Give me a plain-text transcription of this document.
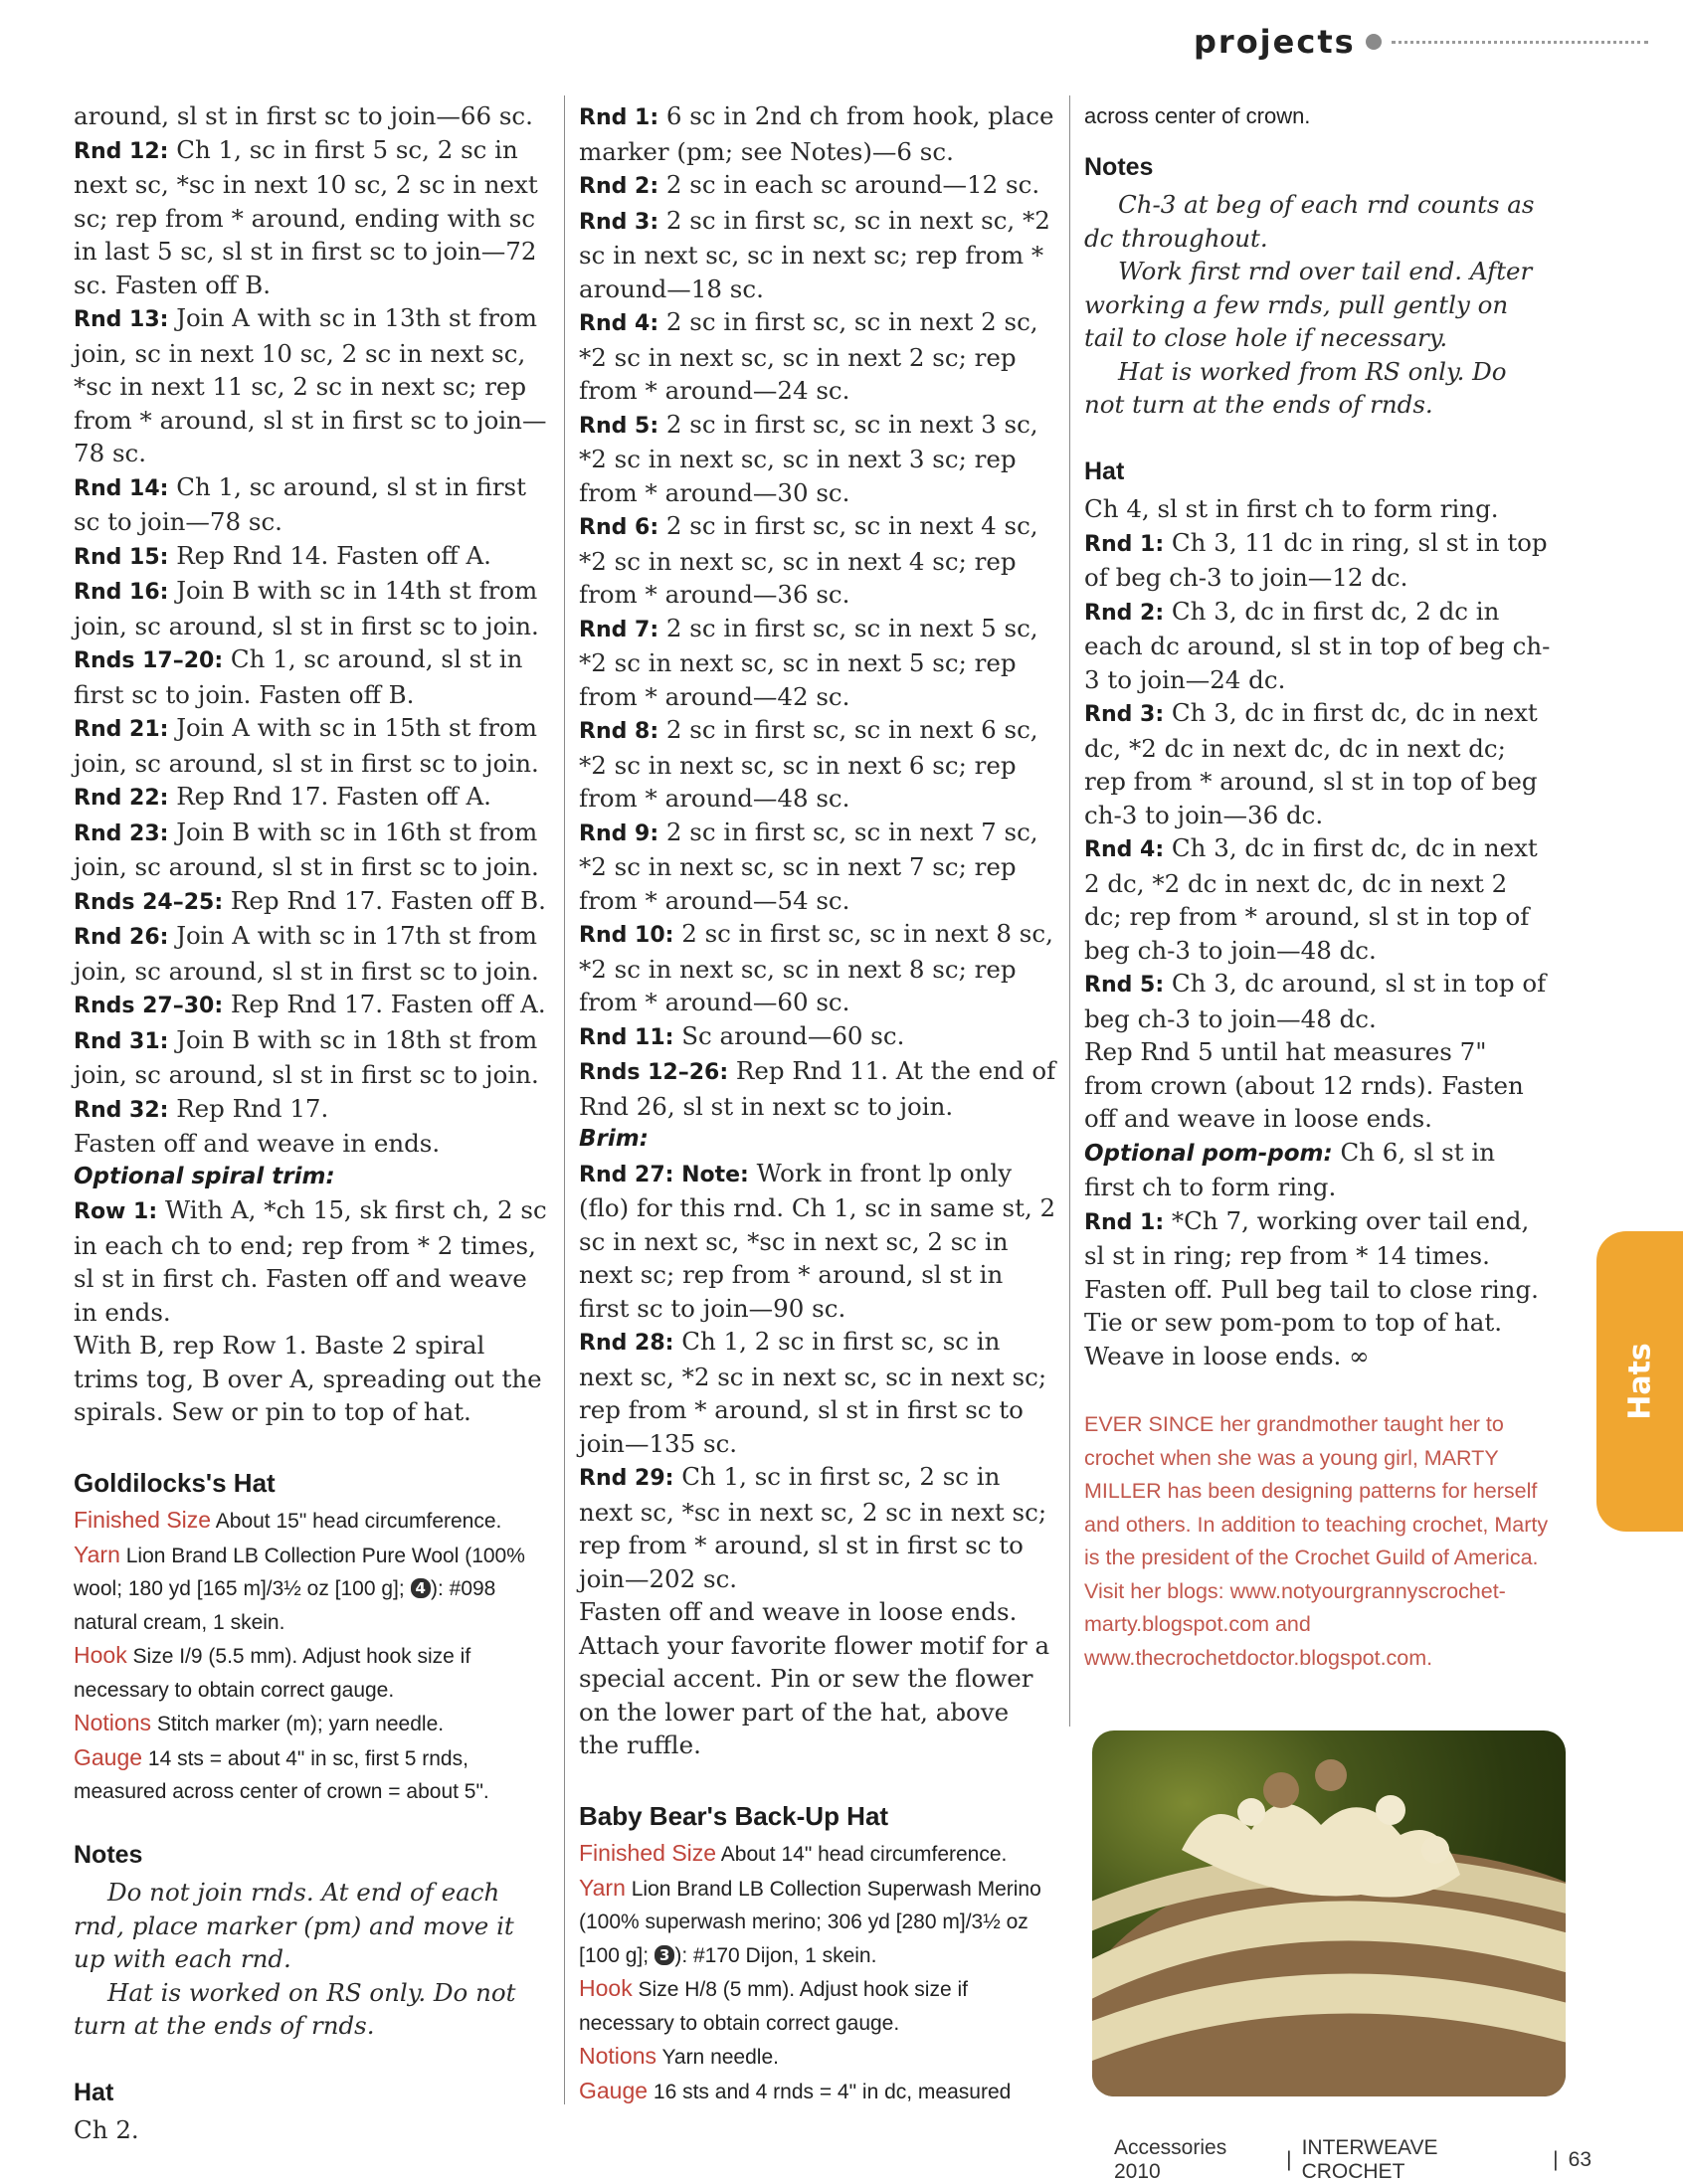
projects

around, sl st in first sc to join—66 sc.

Rnd 12: Ch 1, sc in first 5 sc, 2 sc in next sc, *sc in next 10 sc, 2 sc in next sc; rep from * around, ending with sc in last 5 sc, sl st in first sc to join—72 sc. Fasten off B.

Rnd 13: Join A with sc in 13th st from join, sc in next 10 sc, 2 sc in next sc, *sc in next 11 sc, 2 sc in next sc; rep from * around, sl st in first sc to join—78 sc.

Rnd 14: Ch 1, sc around, sl st in first sc to join—78 sc.

Rnd 15: Rep Rnd 14. Fasten off A.

Rnd 16: Join B with sc in 14th st from join, sc around, sl st in first sc to join.

Rnds 17–20: Ch 1, sc around, sl st in first sc to join. Fasten off B.

Rnd 21: Join A with sc in 15th st from join, sc around, sl st in first sc to join.

Rnd 22: Rep Rnd 17. Fasten off A.

Rnd 23: Join B with sc in 16th st from join, sc around, sl st in first sc to join.

Rnds 24–25: Rep Rnd 17. Fasten off B.

Rnd 26: Join A with sc in 17th st from join, sc around, sl st in first sc to join.

Rnds 27–30: Rep Rnd 17. Fasten off A.

Rnd 31: Join B with sc in 18th st from join, sc around, sl st in first sc to join.

Rnd 32: Rep Rnd 17.

Fasten off and weave in ends.

Optional spiral trim:

Row 1: With A, *ch 15, sk first ch, 2 sc in each ch to end; rep from * 2 times, sl st in first ch. Fasten off and weave in ends.

With B, rep Row 1. Baste 2 spiral trims tog, B over A, spreading out the spirals. Sew or pin to top of hat.

Goldilocks's Hat

Finished Size About 15" head circumference.
Yarn Lion Brand LB Collection Pure Wool (100% wool; 180 yd [165 m]/3½ oz [100 g]; 4 ): #098 natural cream, 1 skein.
Hook Size I/9 (5.5 mm). Adjust hook size if necessary to obtain correct gauge.
Notions Stitch marker (m); yarn needle.
Gauge 14 sts = about 4" in sc, first 5 rnds, measured across center of crown = about 5".

Notes

Do not join rnds. At end of each rnd, place marker (pm) and move it up with each rnd.

Hat is worked on RS only. Do not turn at the ends of rnds.

Hat

Ch 2.

Rnd 1: 6 sc in 2nd ch from hook, place marker (pm; see Notes)—6 sc.

Rnd 2: 2 sc in each sc around—12 sc.

Rnd 3: 2 sc in first sc, sc in next sc, *2 sc in next sc, sc in next sc; rep from * around—18 sc.

Rnd 4: 2 sc in first sc, sc in next 2 sc, *2 sc in next sc, sc in next 2 sc; rep from * around—24 sc.

Rnd 5: 2 sc in first sc, sc in next 3 sc, *2 sc in next sc, sc in next 3 sc; rep from * around—30 sc.

Rnd 6: 2 sc in first sc, sc in next 4 sc, *2 sc in next sc, sc in next 4 sc; rep from * around—36 sc.

Rnd 7: 2 sc in first sc, sc in next 5 sc, *2 sc in next sc, sc in next 5 sc; rep from * around—42 sc.

Rnd 8: 2 sc in first sc, sc in next 6 sc, *2 sc in next sc, sc in next 6 sc; rep from * around—48 sc.

Rnd 9: 2 sc in first sc, sc in next 7 sc, *2 sc in next sc, sc in next 7 sc; rep from * around—54 sc.

Rnd 10: 2 sc in first sc, sc in next 8 sc, *2 sc in next sc, sc in next 8 sc; rep from * around—60 sc.

Rnd 11: Sc around—60 sc.

Rnds 12–26: Rep Rnd 11. At the end of Rnd 26, sl st in next sc to join.

Brim:

Rnd 27: Note: Work in front lp only (flo) for this rnd. Ch 1, sc in same st, 2 sc in next sc, *sc in next sc, 2 sc in next sc; rep from * around, sl st in first sc to join—90 sc.

Rnd 28: Ch 1, 2 sc in first sc, sc in next sc, *2 sc in next sc, sc in next sc; rep from * around, sl st in first sc to join—135 sc.

Rnd 29: Ch 1, sc in first sc, 2 sc in next sc, *sc in next sc, 2 sc in next sc; rep from * around, sl st in first sc to join—202 sc.

Fasten off and weave in loose ends. Attach your favorite flower motif for a special accent. Pin or sew the flower on the lower part of the hat, above the ruffle.

Baby Bear's Back-Up Hat

Finished Size About 14" head circumference.
Yarn Lion Brand LB Collection Superwash Merino (100% superwash merino; 306 yd [280 m]/3½ oz [100 g]; 3 ): #170 Dijon, 1 skein.
Hook Size H/8 (5 mm). Adjust hook size if necessary to obtain correct gauge.
Notions Yarn needle.
Gauge 16 sts and 4 rnds = 4" in dc, measured

across center of crown.

Notes

Ch-3 at beg of each rnd counts as dc throughout.

Work first rnd over tail end. After working a few rnds, pull gently on tail to close hole if necessary.

Hat is worked from RS only. Do not turn at the ends of rnds.

Hat

Ch 4, sl st in first ch to form ring.

Rnd 1: Ch 3, 11 dc in ring, sl st in top of beg ch-3 to join—12 dc.

Rnd 2: Ch 3, dc in first dc, 2 dc in each dc around, sl st in top of beg ch-3 to join—24 dc.

Rnd 3: Ch 3, dc in first dc, dc in next dc, *2 dc in next dc, dc in next dc; rep from * around, sl st in top of beg ch-3 to join—36 dc.

Rnd 4: Ch 3, dc in first dc, dc in next 2 dc, *2 dc in next dc, dc in next 2 dc; rep from * around, sl st in top of beg ch-3 to join—48 dc.

Rnd 5: Ch 3, dc around, sl st in top of beg ch-3 to join—48 dc.

Rep Rnd 5 until hat measures 7" from crown (about 12 rnds). Fasten off and weave in loose ends.

Optional pom-pom: Ch 6, sl st in first ch to form ring.

Rnd 1: *Ch 7, working over tail end, sl st in ring; rep from * 14 times. Fasten off. Pull beg tail to close ring. Tie or sew pom-pom to top of hat. Weave in loose ends. ∞

EVER SINCE her grandmother taught her to crochet when she was a young girl, MARTY MILLER has been designing patterns for herself and others. In addition to teaching crochet, Marty is the president of the Crochet Guild of America. Visit her blogs: www.notyourgrannyscrochet-marty.blogspot.com and www.thecrochetdoctor.blogspot.com.

Hats
Accessories 2010
|
INTERWEAVE CROCHET
| 63
